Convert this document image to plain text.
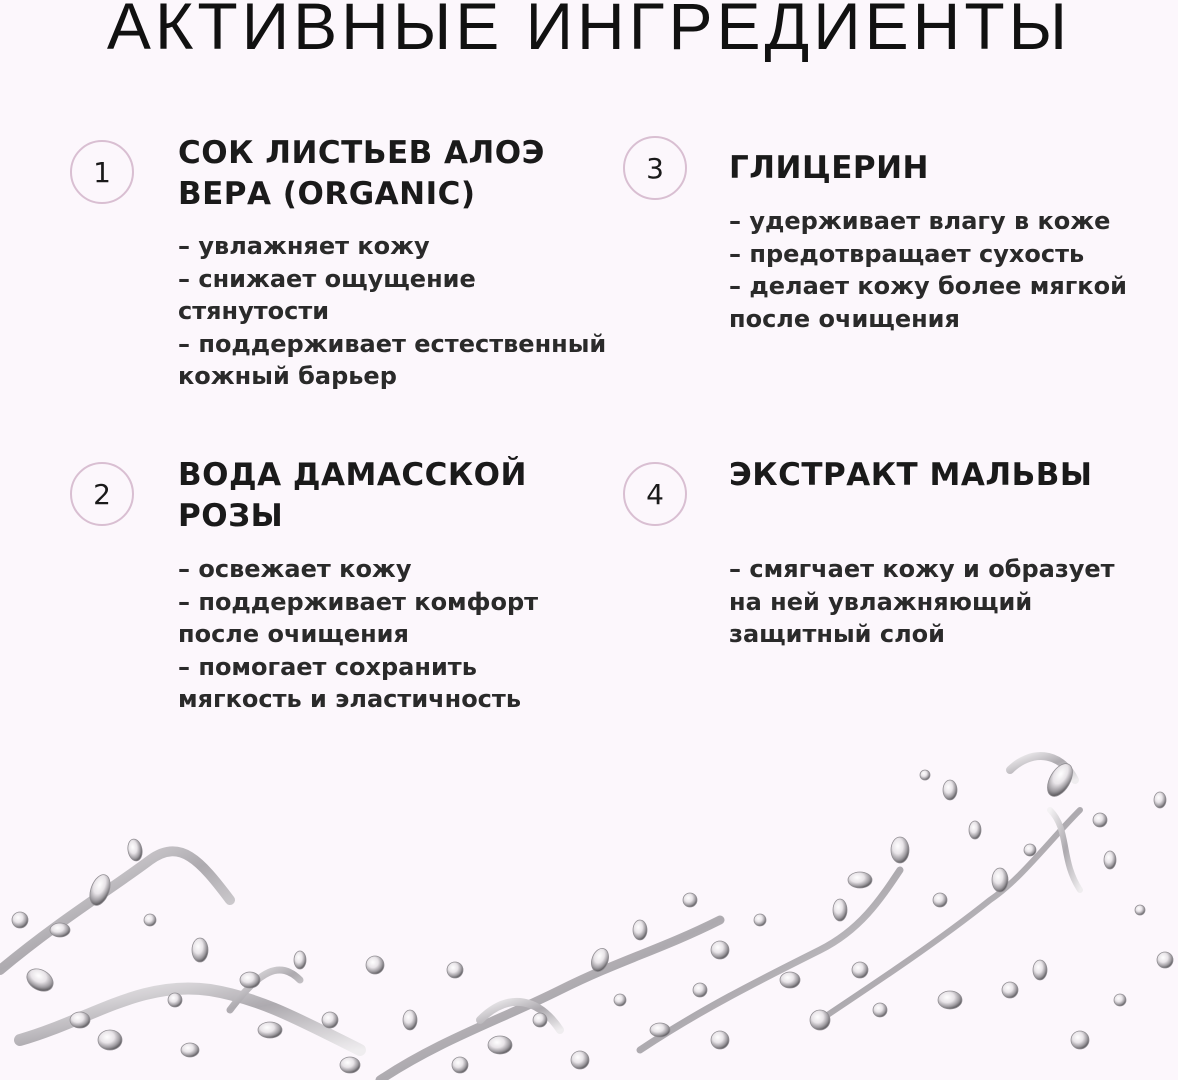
АКТИВНЫЕ ИНГРЕДИЕНТЫ
1
СОК ЛИСТЬЕВ АЛОЭ ВЕРА (ORGANIC)
– увлажняет кожу
– снижает ощущение стянутости
– поддерживает естественный кожный барьер
2
ВОДА ДАМАССКОЙ РОЗЫ
– освежает кожу
– поддерживает комфорт после очищения
– помогает сохранить мягкость и эластичность
3	ГЛИЦЕРИН
– удерживает влагу в коже
– предотвращает сухость
– делает кожу более мягкой после очищения
4
ЭКСТРАКТ МАЛЬВЫ
– смягчает кожу и образует на ней увлажняющий защитный слой
